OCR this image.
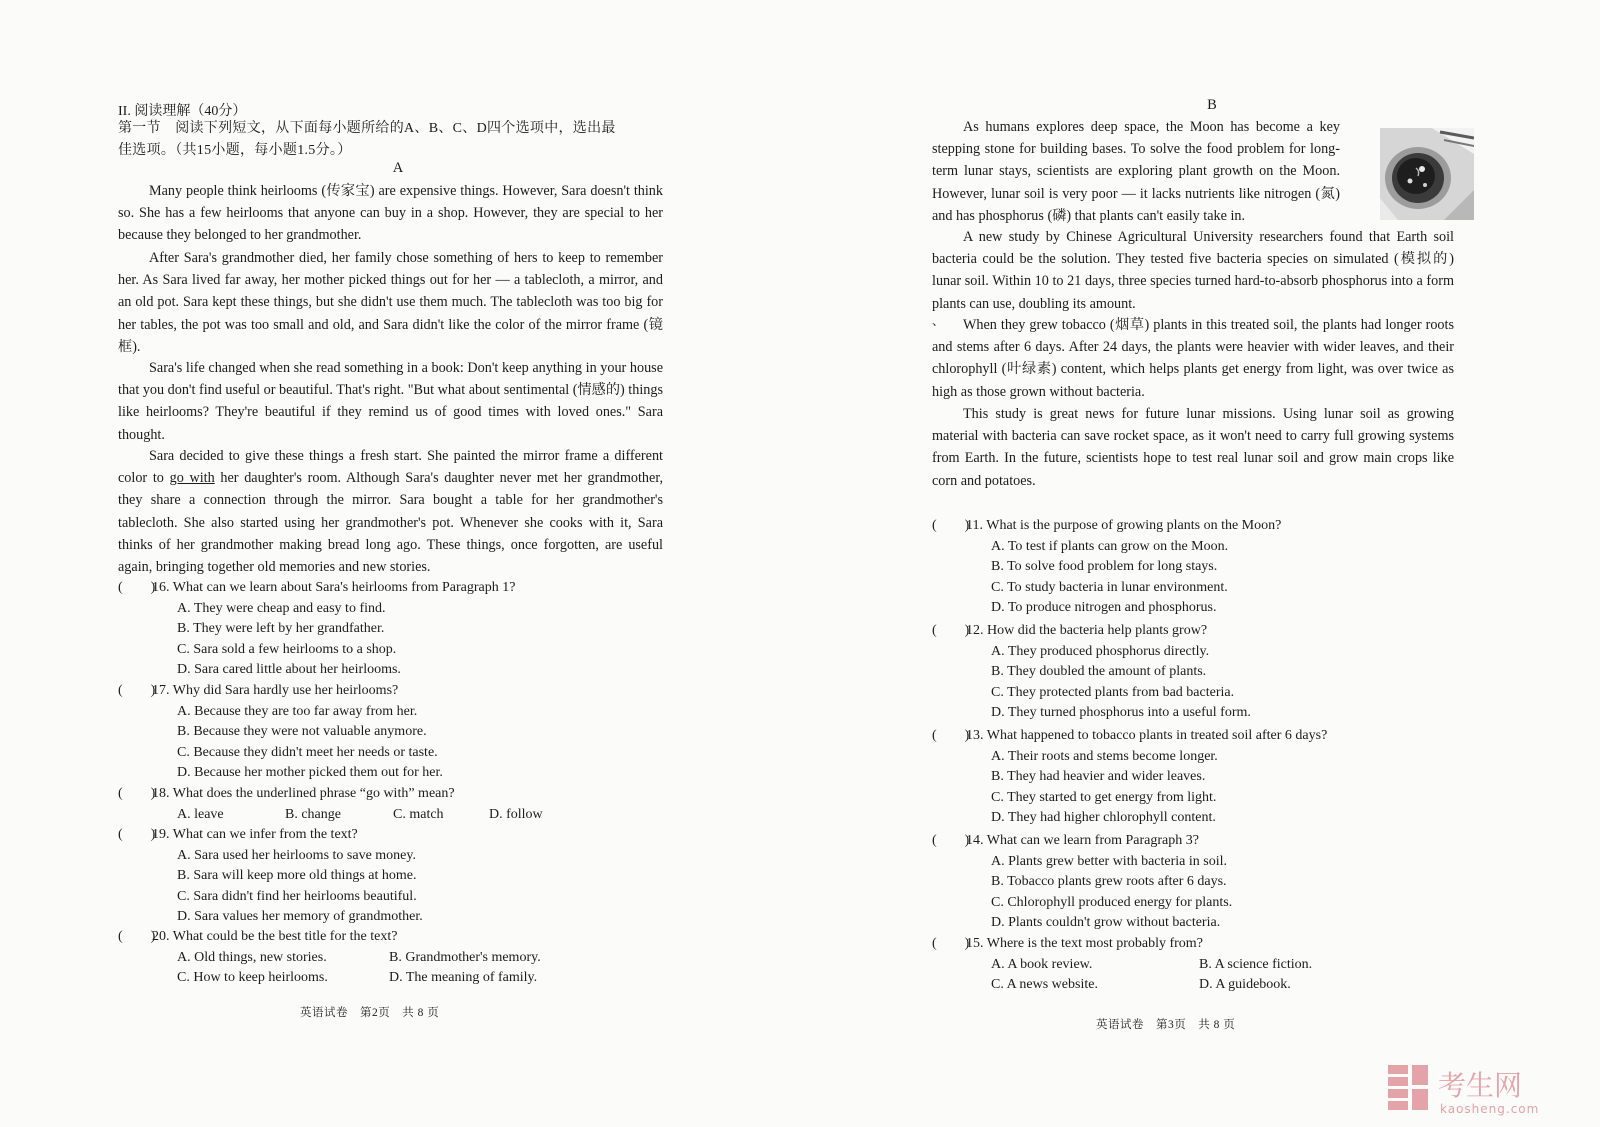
II. 阅读理解（40分）
第一节　阅读下列短文，从下面每小题所给的A、B、C、D四个选项中，选出最
佳选项。（共15小题，每小题1.5分。）
A
Many people think heirlooms (传家宝) are expensive things. However, Sara doesn't think so. She has a few heirlooms that anyone can buy in a shop. However, they are special to her because they belonged to her grandmother.
After Sara's grandmother died, her family chose something of hers to keep to remember her. As Sara lived far away, her mother picked things out for her — a tablecloth, a mirror, and an old pot. Sara kept these things, but she didn't use them much. The tablecloth was too big for her tables, the pot was too small and old, and Sara didn't like the color of the mirror frame (镜框).
Sara's life changed when she read something in a book: Don't keep anything in your house that you don't find useful or beautiful. That's right. "But what about sentimental (情感的) things like heirlooms? They're beautiful if they remind us of good times with loved ones." Sara thought.
Sara decided to give these things a fresh start. She painted the mirror frame a different color to go with her daughter's room. Although Sara's daughter never met her grandmother, they share a connection through the mirror. Sara bought a table for her grandmother's tablecloth. She also started using her grandmother's pot. Whenever she cooks with it, Sara thinks of her grandmother making bread long ago. These things, once forgotten, are useful again, bringing together old memories and new stories.
(　　)16. What can we learn about Sara's heirlooms from Paragraph 1?
A. They were cheap and easy to find.
B. They were left by her grandfather.
C. Sara sold a few heirlooms to a shop.
D. Sara cared little about her heirlooms.
(　　)17. Why did Sara hardly use her heirlooms?
A. Because they are too far away from her.
B. Because they were not valuable anymore.
C. Because they didn't meet her needs or taste.
D. Because her mother picked them out for her.
(　　)18. What does the underlined phrase “go with” mean?
A. leave	B. change	C. match	D. follow
(　　)19. What can we infer from the text?
A. Sara used her heirlooms to save money.
B. Sara will keep more old things at home.
C. Sara didn't find her heirlooms beautiful.
D. Sara values her memory of grandmother.
(　　)20. What could be the best title for the text?
A. Old things, new stories.	B. Grandmother's memory.
C. How to keep heirlooms.	D. The meaning of family.
英语试卷　第2页　共 8 页
B
As humans explores deep space, the Moon has become a key stepping stone for building bases. To solve the food problem for long-term lunar stays, scientists are exploring plant growth on the Moon. However, lunar soil is very poor — it lacks nutrients like nitrogen (氮) and has phosphorus (磷) that plants can't easily take in.
A new study by Chinese Agricultural University researchers found that Earth soil bacteria could be the solution. They tested five bacteria species on simulated (模拟的) lunar soil. Within 10 to 21 days, three species turned hard-to-absorb phosphorus into a form plants can use, doubling its amount.
、	When they grew tobacco (烟草) plants in this treated soil, the plants had longer roots and stems after 6 days. After 24 days, the plants were heavier with wider leaves, and their chlorophyll (叶绿素) content, which helps plants get energy from light, was over twice as high as those grown without bacteria.
This study is great news for future lunar missions. Using lunar soil as growing material with bacteria can save rocket space, as it won't need to carry full growing systems from Earth. In the future, scientists hope to test real lunar soil and grow main crops like corn and potatoes.
(　　)11. What is the purpose of growing plants on the Moon?
A. To test if plants can grow on the Moon.
B. To solve food problem for long stays.
C. To study bacteria in lunar environment.
D. To produce nitrogen and phosphorus.
(　　)12. How did the bacteria help plants grow?
A. They produced phosphorus directly.
B. They doubled the amount of plants.
C. They protected plants from bad bacteria.
D. They turned phosphorus into a useful form.
(　　)13. What happened to tobacco plants in treated soil after 6 days?
A. Their roots and stems become longer.
B. They had heavier and wider leaves.
C. They started to get energy from light.
D. They had higher chlorophyll content.
(　　)14. What can we learn from Paragraph 3?
A. Plants grew better with bacteria in soil.
B. Tobacco plants grew roots after 6 days.
C. Chlorophyll produced energy for plants.
D. Plants couldn't grow without bacteria.
(　　)15. Where is the text most probably from?
A. A book review.	B. A science fiction.
C. A news website.	D. A guidebook.
英语试卷　第3页　共 8 页
考生网
kaosheng.com
